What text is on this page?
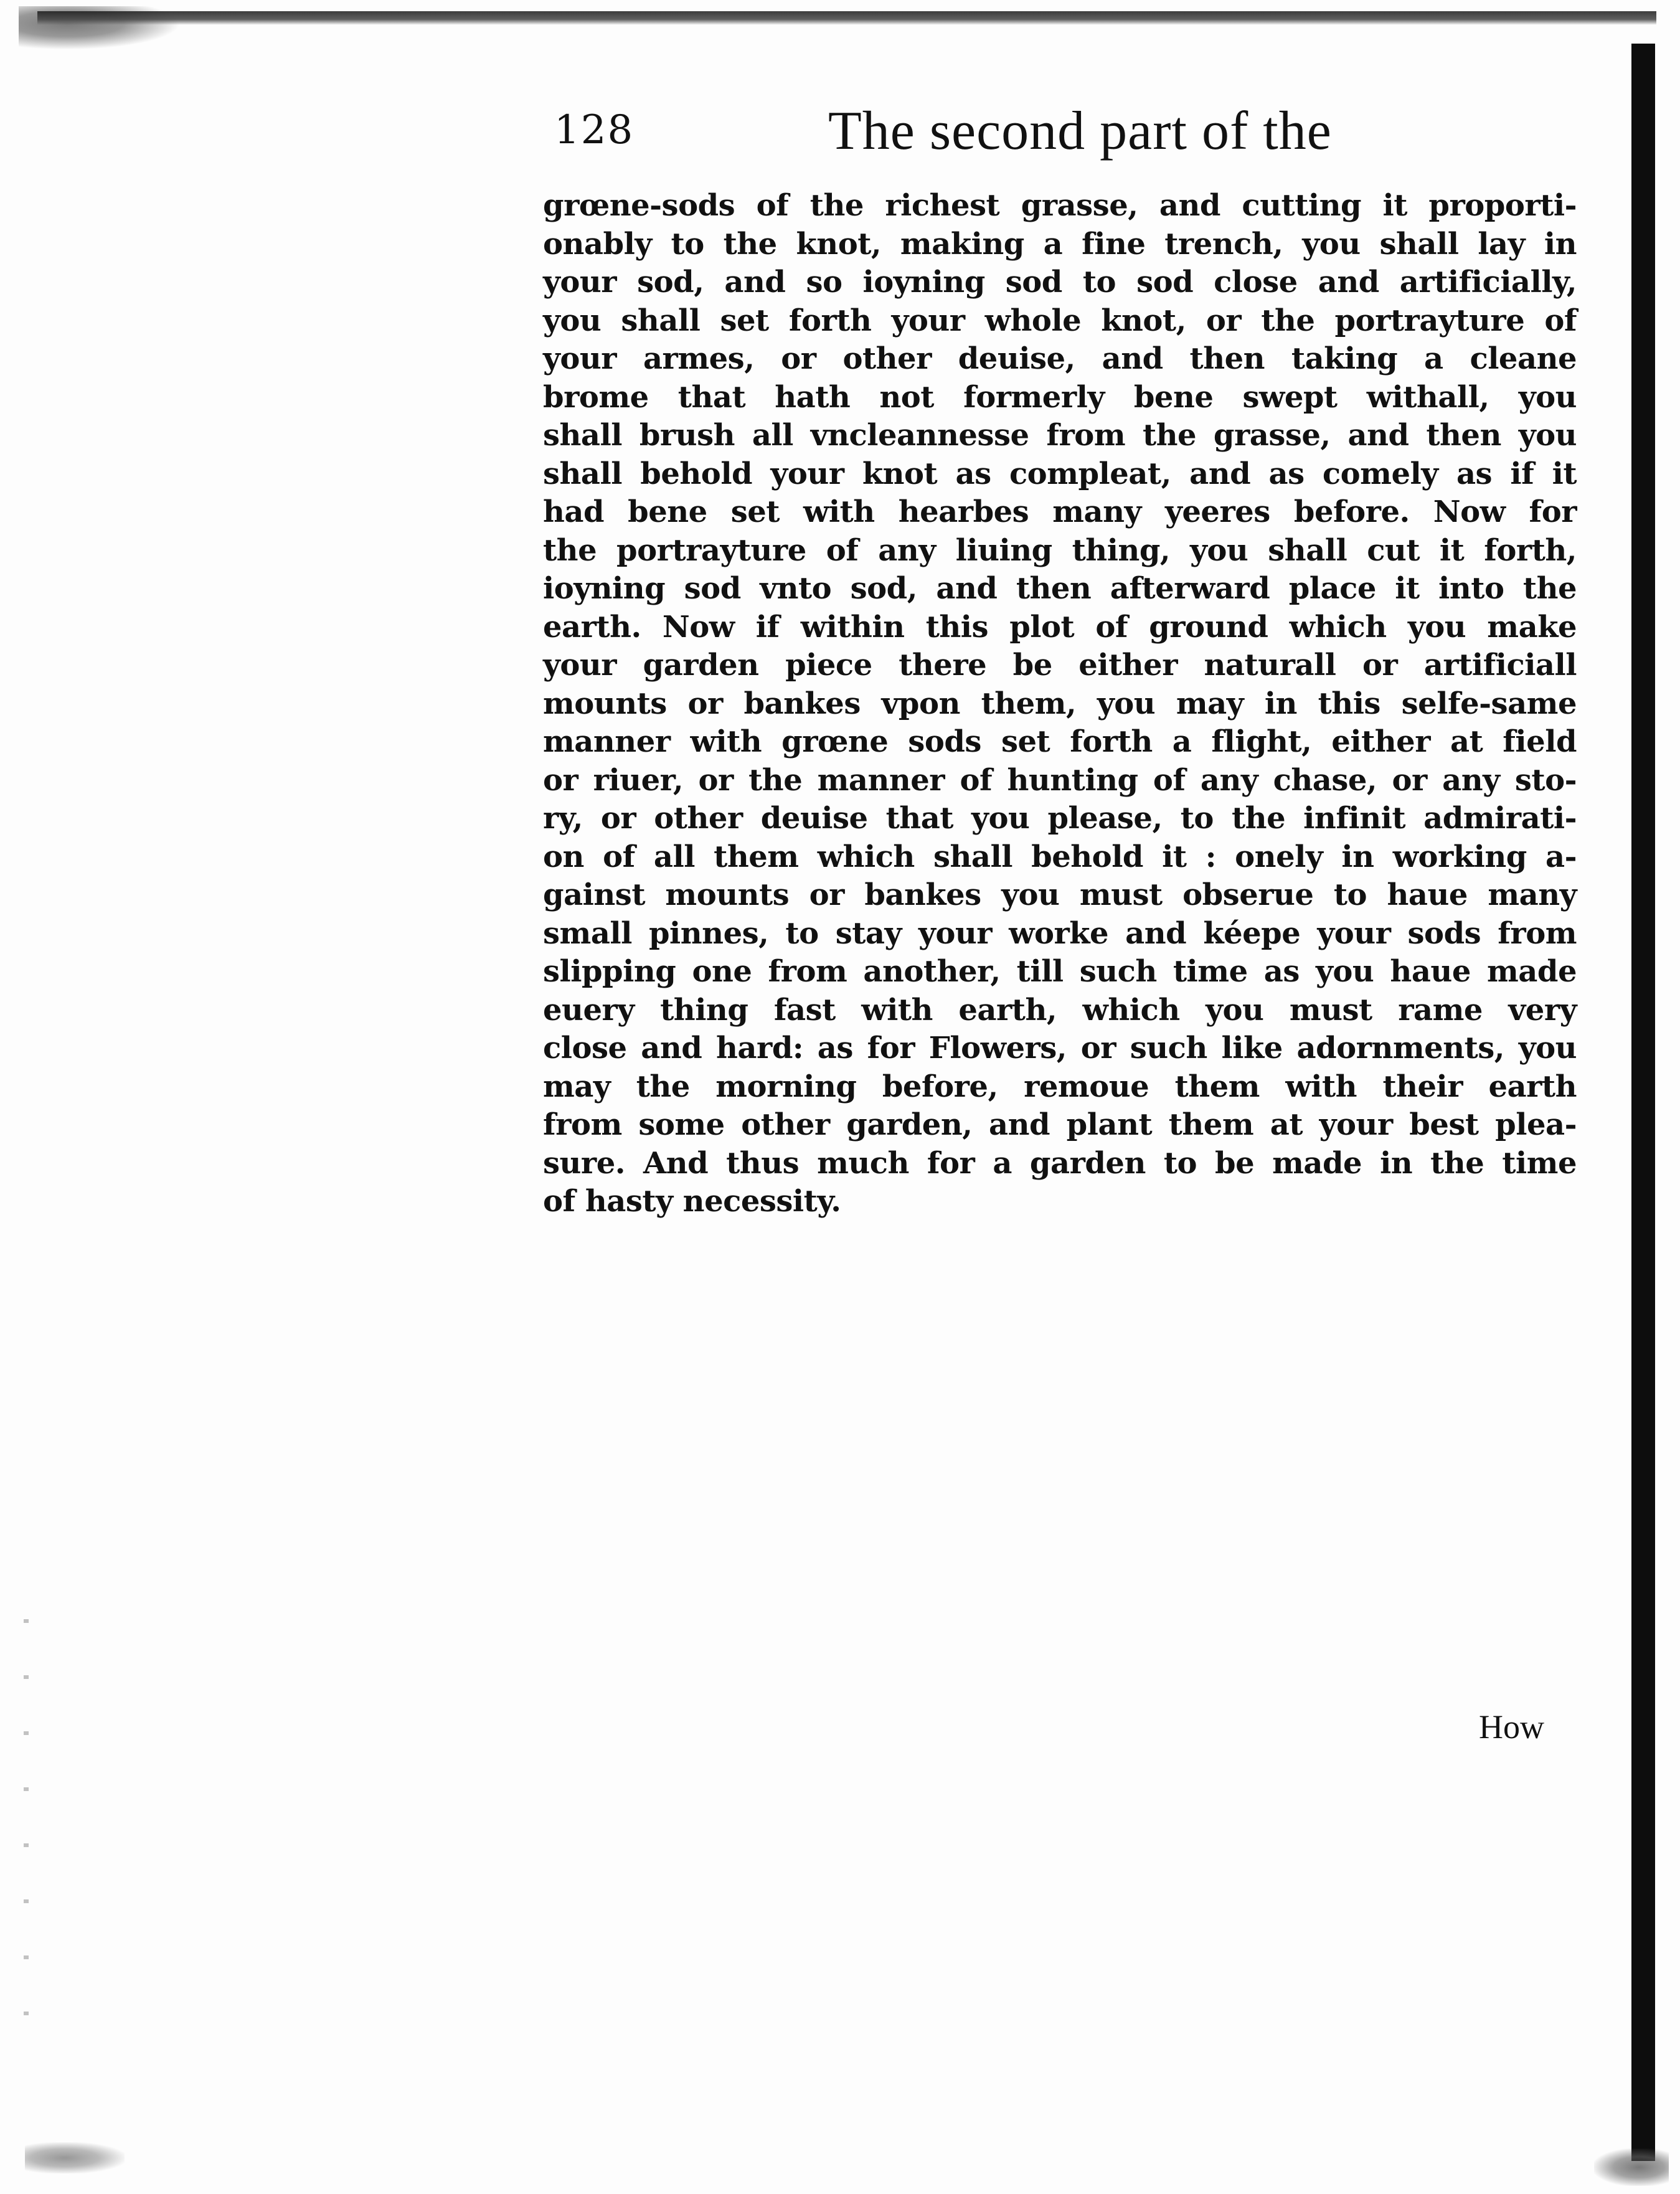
128	The second part of the
grœne-sods of the richest grasse, and cutting it proporti-
onably to the knot, making a fine trench, you shall lay in
your sod, and so ioyning sod to sod close and artificially,
you shall set forth your whole knot, or the portrayture of
your armes, or other deuise, and then taking a cleane
brome that hath not formerly bene swept withall, you
shall brush all vncleannesse from the grasse, and then you
shall behold your knot as compleat, and as comely as if it
had bene set with hearbes many yeeres before. Now for
the portrayture of any liuing thing, you shall cut it forth,
ioyning sod vnto sod, and then afterward place it into the
earth. Now if within this plot of ground which you make
your garden piece there be either naturall or artificiall
mounts or bankes vpon them, you may in this selfe-same
manner with grœne sods set forth a flight, either at field
or riuer, or the manner of hunting of any chase, or any sto-
ry, or other deuise that you please, to the infinit admirati-
on of all them which shall behold it : onely in working a-
gainst mounts or bankes you must obserue to haue many
small pinnes, to stay your worke and kéepe your sods from
slipping one from another, till such time as you haue made
euery thing fast with earth, which you must rame very
close and hard: as for Flowers, or such like adornments, you
may the morning before, remoue them with their earth
from some other garden, and plant them at your best plea-
sure. And thus much for a garden to be made in the time
of hasty necessity.
How
